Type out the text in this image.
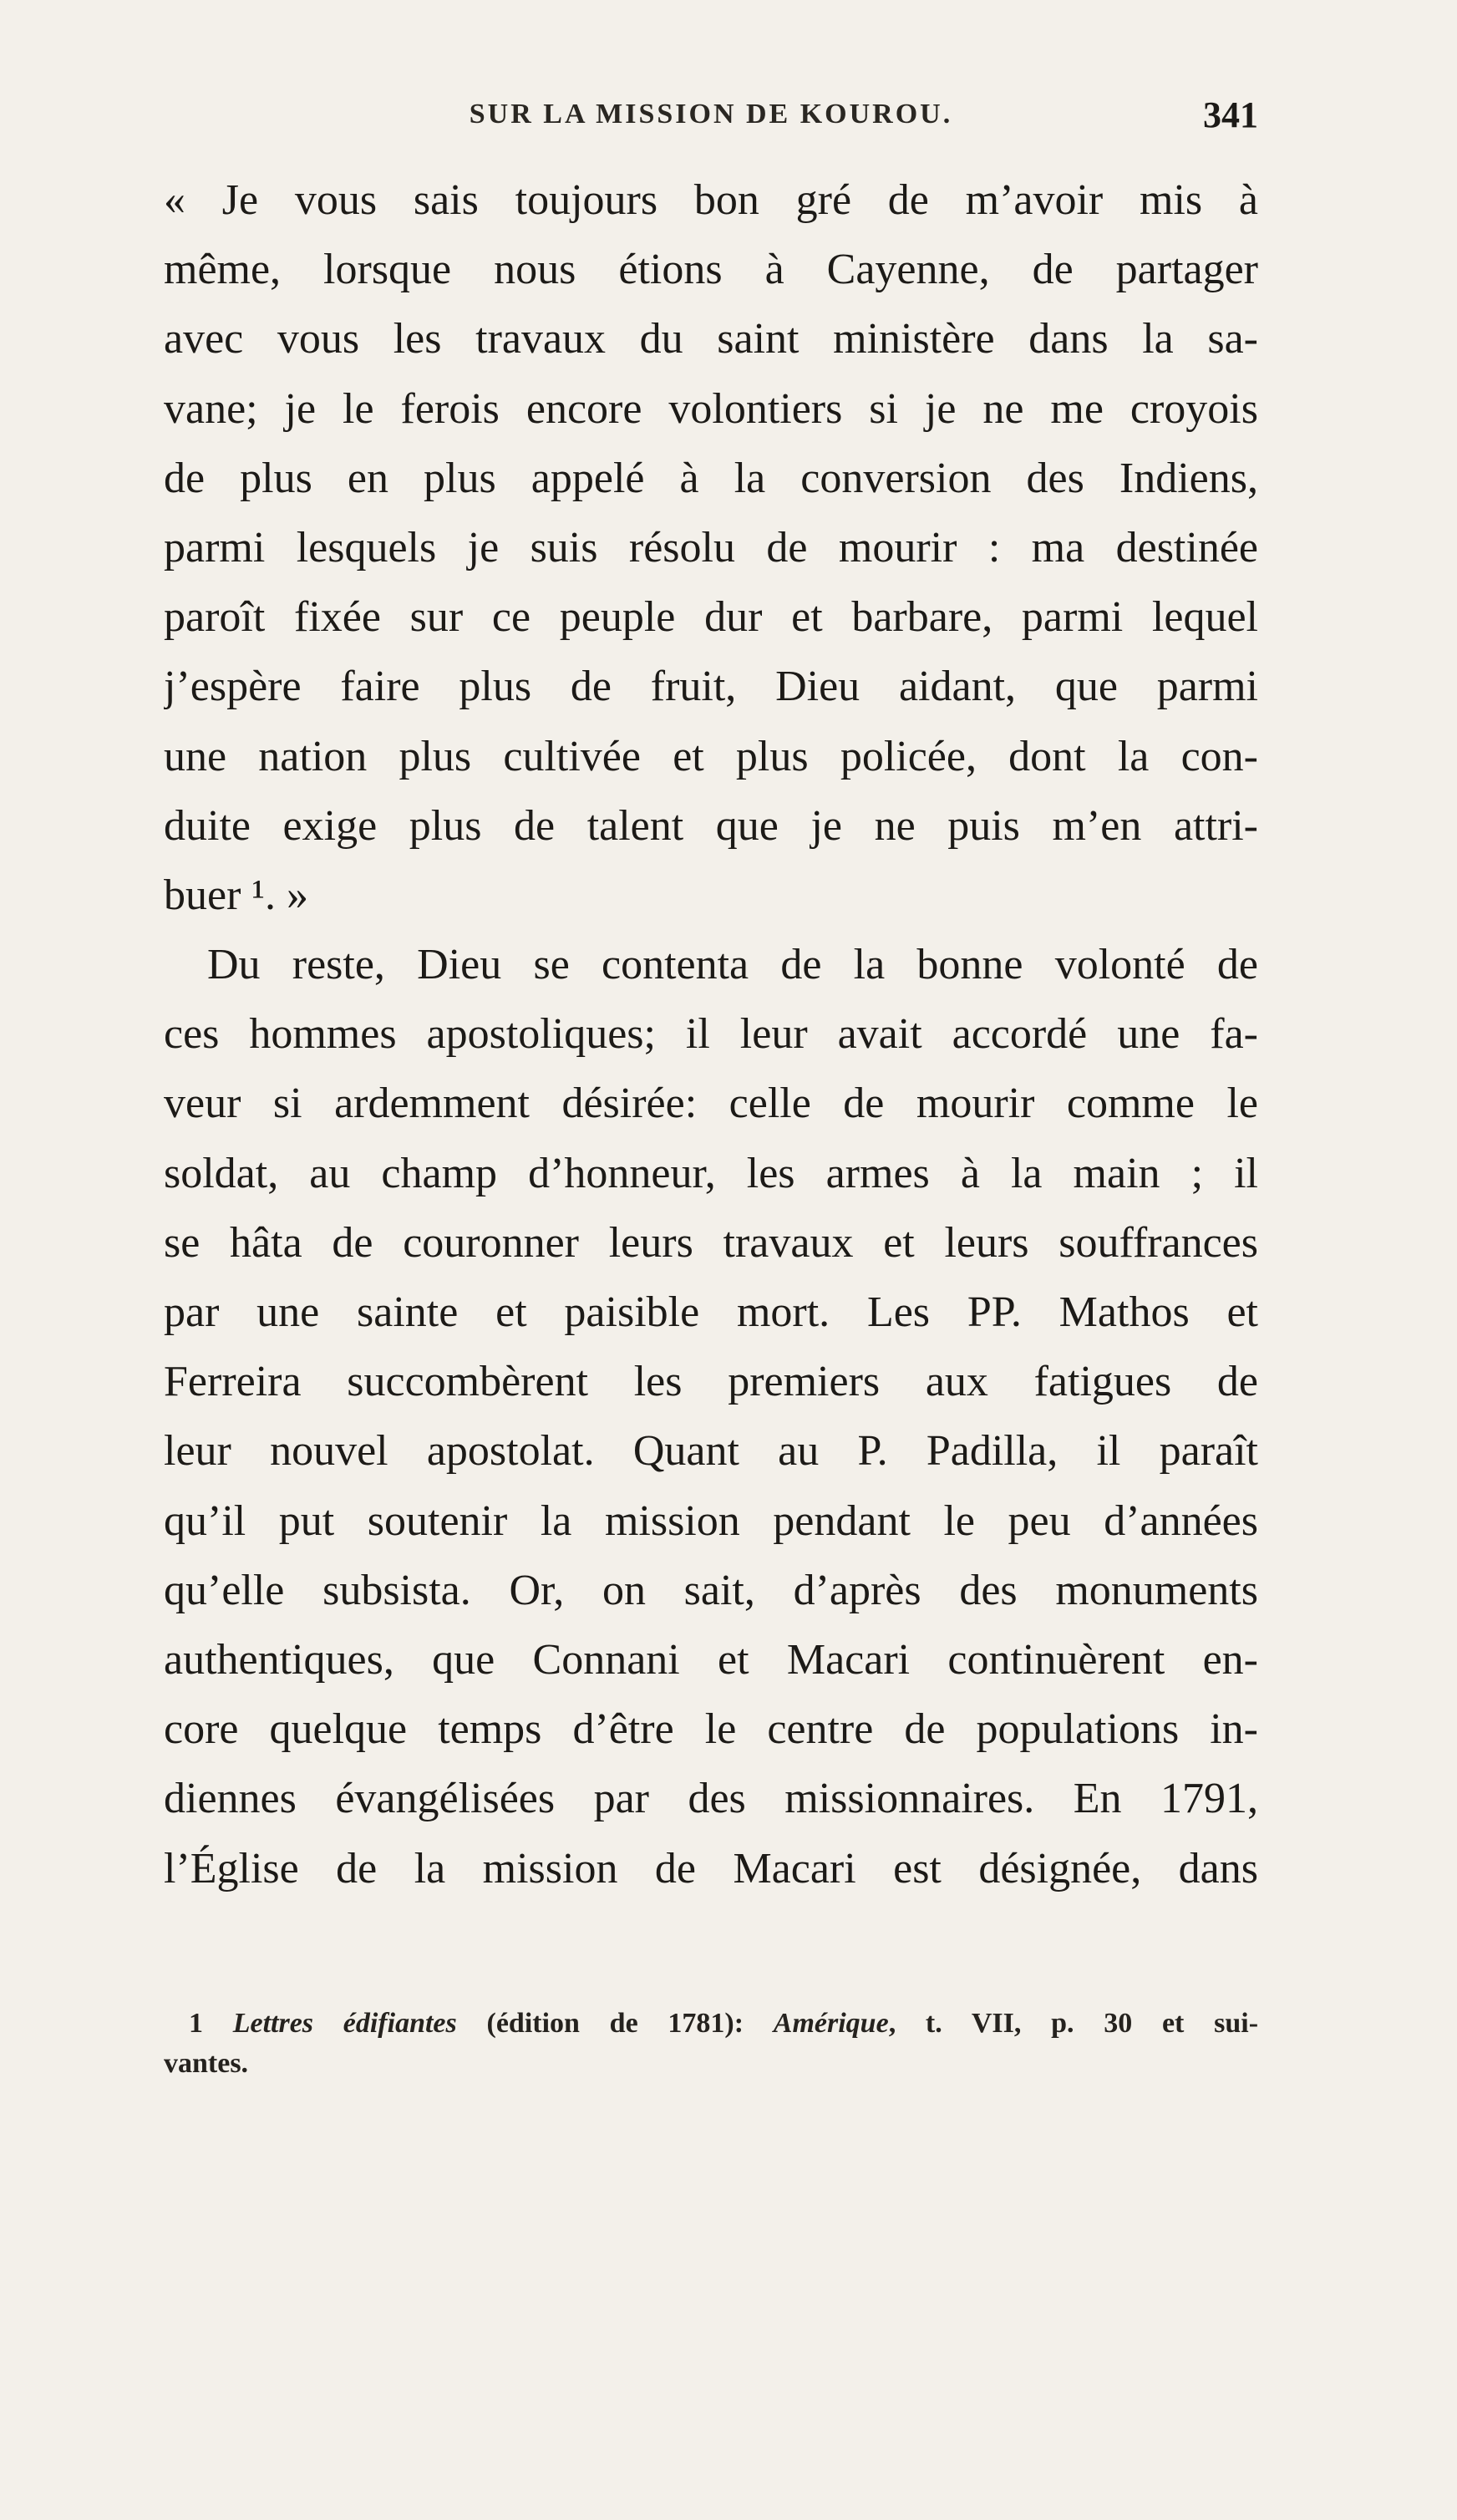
SUR LA MISSION DE KOUROU.	341
« Je vous sais toujours bon gré de m’avoir mis à
même, lorsque nous étions à Cayenne, de partager
avec vous les travaux du saint ministère dans la sa-
vane; je le ferois encore volontiers si je ne me croyois
de plus en plus appelé à la conversion des Indiens,
parmi lesquels je suis résolu de mourir : ma destinée
paroît fixée sur ce peuple dur et barbare, parmi lequel
j’espère faire plus de fruit, Dieu aidant, que parmi
une nation plus cultivée et plus policée, dont la con-
duite exige plus de talent que je ne puis m’en attri-
buer ¹. »
Du reste, Dieu se contenta de la bonne volonté de
ces hommes apostoliques; il leur avait accordé une fa-
veur si ardemment désirée: celle de mourir comme le
soldat, au champ d’honneur, les armes à la main ; il
se hâta de couronner leurs travaux et leurs souffrances
par une sainte et paisible mort. Les PP. Mathos et
Ferreira succombèrent les premiers aux fatigues de
leur nouvel apostolat. Quant au P. Padilla, il paraît
qu’il put soutenir la mission pendant le peu d’années
qu’elle subsista. Or, on sait, d’après des monuments
authentiques, que Connani et Macari continuèrent en-
core quelque temps d’être le centre de populations in-
diennes évangélisées par des missionnaires. En 1791,
l’Église de la mission de Macari est désignée, dans
1 Lettres édifiantes (édition de 1781): Amérique, t. VII, p. 30 et sui-
vantes.
